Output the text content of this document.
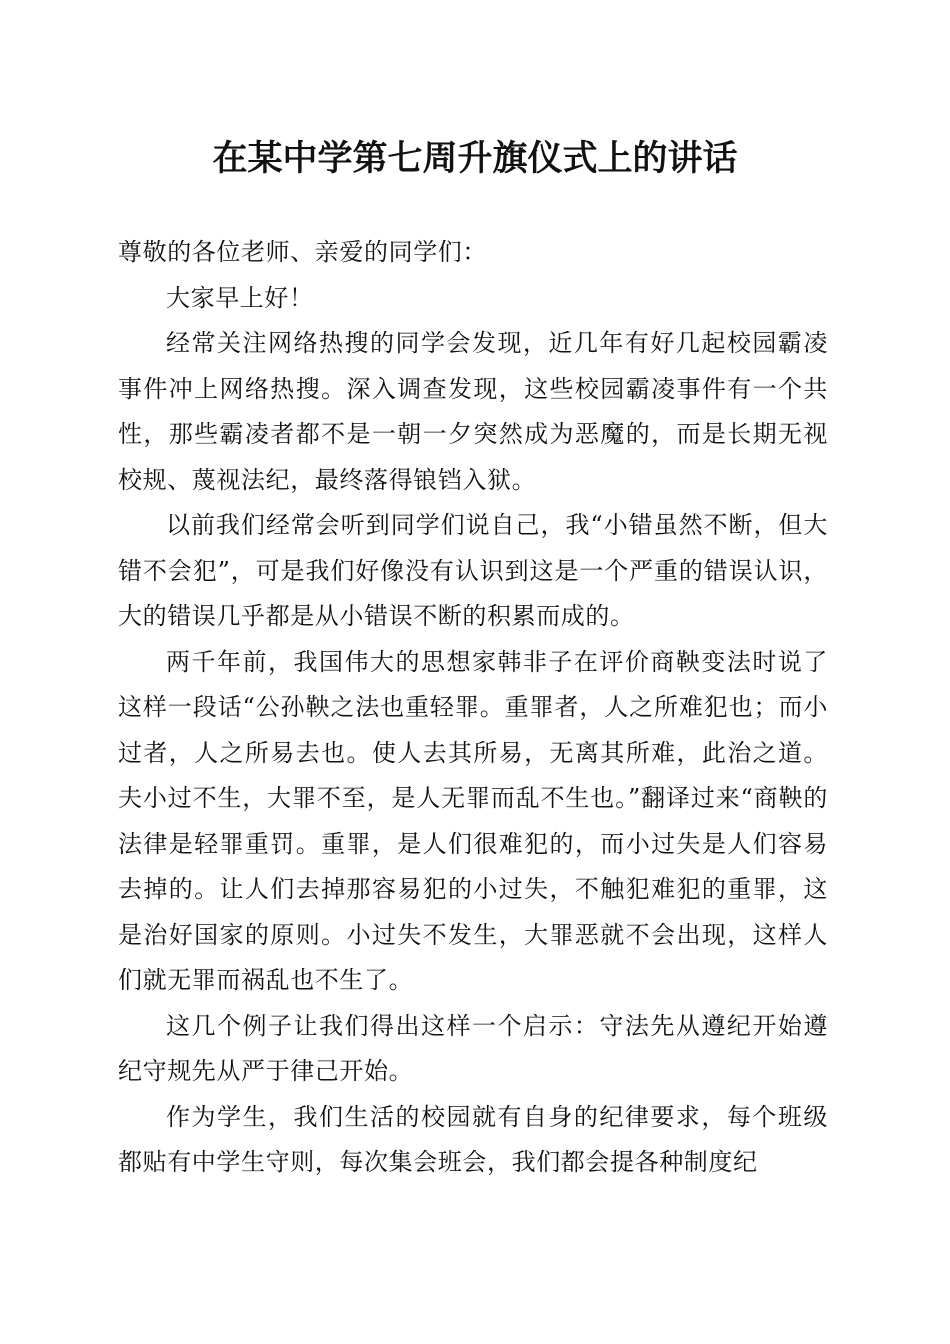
在某中学第七周升旗仪式上的讲话

尊敬的各位老师、亲爱的同学们：

大家早上好！

经常关注网络热搜的同学会发现，近几年有好几起校园霸凌事件冲上网络热搜。深入调查发现，这些校园霸凌事件有一个共性，那些霸凌者都不是一朝一夕突然成为恶魔的，而是长期无视校规、蔑视法纪，最终落得锒铛入狱。

以前我们经常会听到同学们说自己，我“小错虽然不断，但大错不会犯”，可是我们好像没有认识到这是一个严重的错误认识，大的错误几乎都是从小错误不断的积累而成的。

两千年前，我国伟大的思想家韩非子在评价商鞅变法时说了这样一段话“公孙鞅之法也重轻罪。重罪者，人之所难犯也；而小过者，人之所易去也。使人去其所易，无离其所难，此治之道。夫小过不生，大罪不至，是人无罪而乱不生也。”翻译过来“商鞅的法律是轻罪重罚。重罪，是人们很难犯的，而小过失是人们容易去掉的。让人们去掉那容易犯的小过失，不触犯难犯的重罪，这是治好国家的原则。小过失不发生，大罪恶就不会出现，这样人们就无罪而祸乱也不生了。

这几个例子让我们得出这样一个启示：守法先从遵纪开始遵纪守规先从严于律己开始。

作为学生，我们生活的校园就有自身的纪律要求，每个班级都贴有中学生守则，每次集会班会，我们都会提各种制度纪
